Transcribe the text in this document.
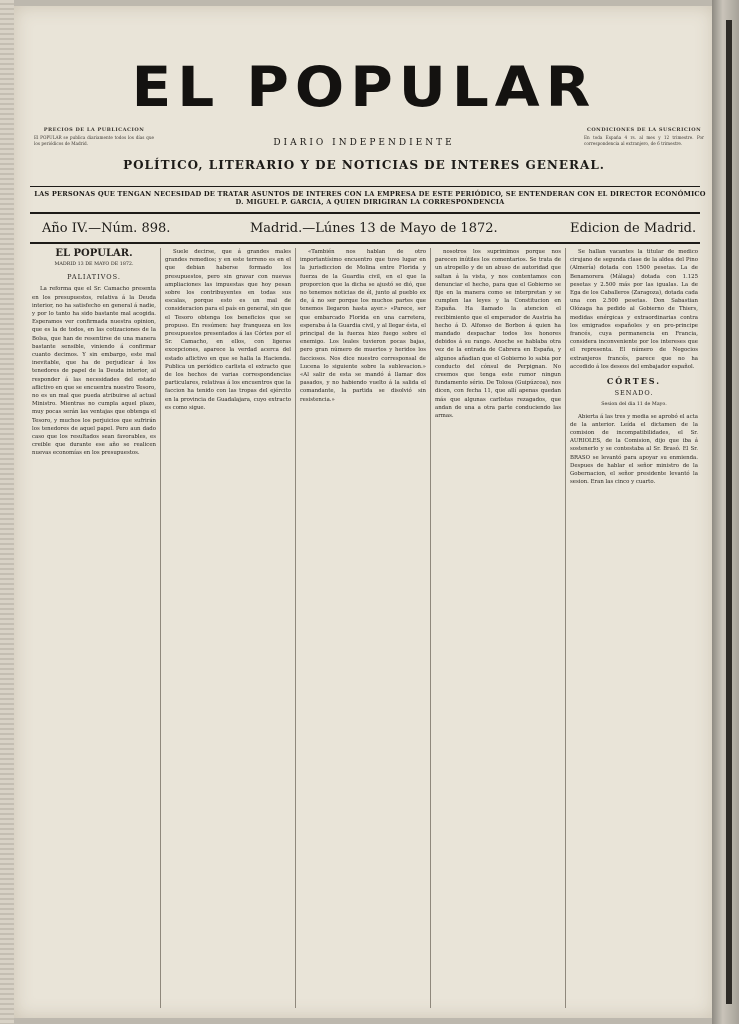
PRECIOS DE LA PUBLICACION
El POPULAR se publica diariamente todos los días que los periódicos de Madrid.
CONDICIONES DE LA SUSCRICION
En toda España 4 rs. al mes y 12 trimestre. Por correspondencia al extranjero, de 6 trimestre.
EL POPULAR
DIARIO INDEPENDIENTE
POLÍTICO, LITERARIO Y DE NOTICIAS DE INTERES GENERAL.
LAS PERSONAS QUE TENGAN NECESIDAD DE TRATAR ASUNTOS DE INTERES CON LA EMPRESA DE ESTE PERIÓDICO, SE ENTENDERAN CON EL DIRECTOR ECONÓMICO D. MIGUEL P. GARCIA, A QUIEN DIRIGIRAN LA CORRESPONDENCIA
Año IV.—Núm. 898.	Madrid.—Lúnes 13 de Mayo de 1872.	Edicion de Madrid.
EL POPULAR.
MADRID 13 DE MAYO DE 1872.
PALIATIVOS.

La reforma que el Sr. Camacho presenta en los presupuestos, relativa á la Deuda interior, no ha satisfecho en general á nadie, y por lo tanto ha sido bastante mal acogida. Esperamos ver confirmada nuestra opinion, que es la de todos, en las cotizaciones de la Bolsa, que han de resentirse de una manera bastante sensible, viniendo á confirmar cuanto decimos. Y sin embargo, este mal inevitable, que ha de perjudicar á los tenedores de papel de la Deuda interior, al responder á las necesidades del estado aflictivo en que se encuentra nuestro Tesoro, no es un mal que pueda atribuirse al actual Ministro. Mientras no cumpla aquel plazo, muy pocas serán las ventajas que obtenga el Tesoro, y muchos los perjuicios que sufrirán los tenedores de aquel papel. Pero aun dado caso que los resultados sean favorables, es creible que durante ese año se realicen nuevas economías en los presupuestos.

Suele decirse, que á grandes males grandes remedios; y en este terreno es en el que debian haberse formado los presupuestos, pero sin gravar con nuevas ampliaciones las impuestas que hoy pesan sobre los contribuyentes en todas sus escalas, porque esto es un mal de consideracion para el país en general, sin que el Tesoro obtenga los beneficios que se propuso. En resúmen: hay franqueza en los presupuestos presentados á las Córtes por el Sr. Camacho, en ellos, con ligeras excepciones, aparece la verdad acerca del estado aflictivo en que se halla la Hacienda. Publica un periódico carlista el extracto que de los hechos de varias correspondencias particulares, relativas á los encuentros que la faccion ha tenido con las tropas del ejército en la provincia de Guadalajara, cuyo extracto es como sigue.

«También nos hablan de otro importantísimo encuentro que tuvo lugar en la jurisdiccion de Molina entre Florida y fuerza de la Guardia civil, en el que la proporcion que la dicha se ajustó se dió, que no tenemos noticias de él, junto al pueblo ex de, á no ser porque los muchos partes que tenemos llegaron hasta ayer.» «Parece, ser que embarcado Florida en una carretera, esperaba á la Guardia civil, y al llegar ésta, el principal de la fuerza hizo fuego sobre el enemigo. Los leales tuvieron pocas bajas, pero gran número de muertos y heridos los facciosos. Nos dice nuestro corresponsal de Lucena lo siguiente sobre la sublevacion.» «Al salir de esta se mandó á llamar dos pasados, y no habiendo vuelto á la salida el comandante, la partida se disolvió sin resistencia.»

nosotros los suprimimos porque nos parecen inútiles los comentarios. Se trata de un atropello y de un abuso de autoridad que saltan á la vista, y nos contentamos con denunciar el hecho, para que el Gobierno se fije en la manera como se interpretan y se cumplen las leyes y la Constitucion en España. Ha llamado la atencion el recibimiento que el emperador de Austria ha hecho á D. Alfonso de Borbon á quien ha mandado despachar todos los honores debidos á su rango. Anoche se hablaba otra vez de la entrada de Cabrera en España, y algunos añadian que el Gobierno lo sabia por conducto del cónsul de Perpignan. No creemos que tenga este rumor ningun fundamento sério. De Tolosa (Guipúzcoa), nos dicen, con fecha 11, que allí apenas quedan más que algunas carlistas rezagados, que andan de una a otra parte conduciendo las armas.

Se hallan vacantes la titular de medico cirujano de segunda clase de la aldea del Pino (Almería) dotada con 1500 pesetas. La de Benamorera (Málaga) dotada con 1.125 pesetas y 2.500 más por las igualas. La de Ega de los Caballeros (Zaragoza), dotada cada una con 2.500 pesetas. Don Sabastian Olózaga ha pedido al Gobierno de Thiers, medidas enérgicas y extraordinarias contra los emigrados españoles y en pro-principe francés, cuya permanencia en Francia, considera inconveniente por los intereses que el representa. El número de Negocios extranjeros francés, parece que no ha accedido á los deseos del embajador español.

CÓRTES.
SENADO.
Sesion del dia 11 de Mayo.

Abierta á las tres y media se aprobó el acta de la anterior. Leída el dictamen de la comision de incompatibilidades, el Sr. AURIOLES, de la Comision, dijo que iba á sostenerlo y se contestaba al Sr. Brasó. El Sr. BRASO se levantó para apoyar su enmienda. Despues de hablar el señor ministro de la Gobernacion, el señor presidente levantó la sesion. Eran las cinco y cuarto.
